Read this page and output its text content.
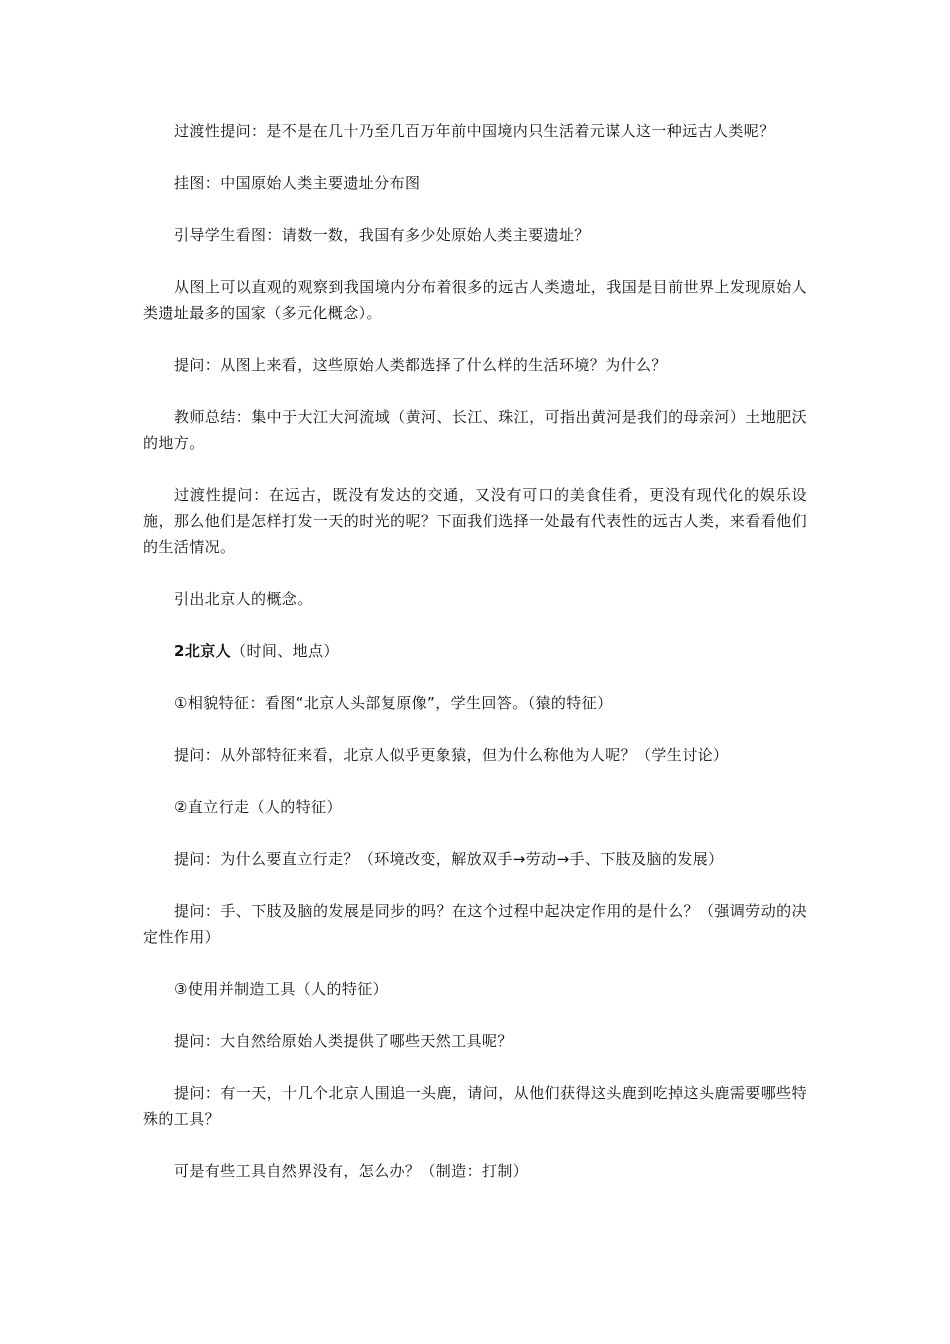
过渡性提问：是不是在几十乃至几百万年前中国境内只生活着元谋人这一种远古人类呢？

挂图：中国原始人类主要遗址分布图

引导学生看图：请数一数，我国有多少处原始人类主要遗址？

从图上可以直观的观察到我国境内分布着很多的远古人类遗址，我国是目前世界上发现原始人类遗址最多的国家（多元化概念）。

提问：从图上来看，这些原始人类都选择了什么样的生活环境？为什么？

教师总结：集中于大江大河流域（黄河、长江、珠江，可指出黄河是我们的母亲河）土地肥沃的地方。

过渡性提问：在远古，既没有发达的交通，又没有可口的美食佳肴，更没有现代化的娱乐设施，那么他们是怎样打发一天的时光的呢？下面我们选择一处最有代表性的远古人类，来看看他们的生活情况。

引出北京人的概念。

2北京人（时间、地点）

①相貌特征：看图“北京人头部复原像”，学生回答。（猿的特征）

提问：从外部特征来看，北京人似乎更象猿，但为什么称他为人呢？（学生讨论）

②直立行走（人的特征）

提问：为什么要直立行走？（环境改变，解放双手→劳动→手、下肢及脑的发展）

提问：手、下肢及脑的发展是同步的吗？在这个过程中起决定作用的是什么？（强调劳动的决定性作用）

③使用并制造工具（人的特征）

提问：大自然给原始人类提供了哪些天然工具呢？

提问：有一天，十几个北京人围追一头鹿，请问，从他们获得这头鹿到吃掉这头鹿需要哪些特殊的工具？

可是有些工具自然界没有，怎么办？（制造：打制）
